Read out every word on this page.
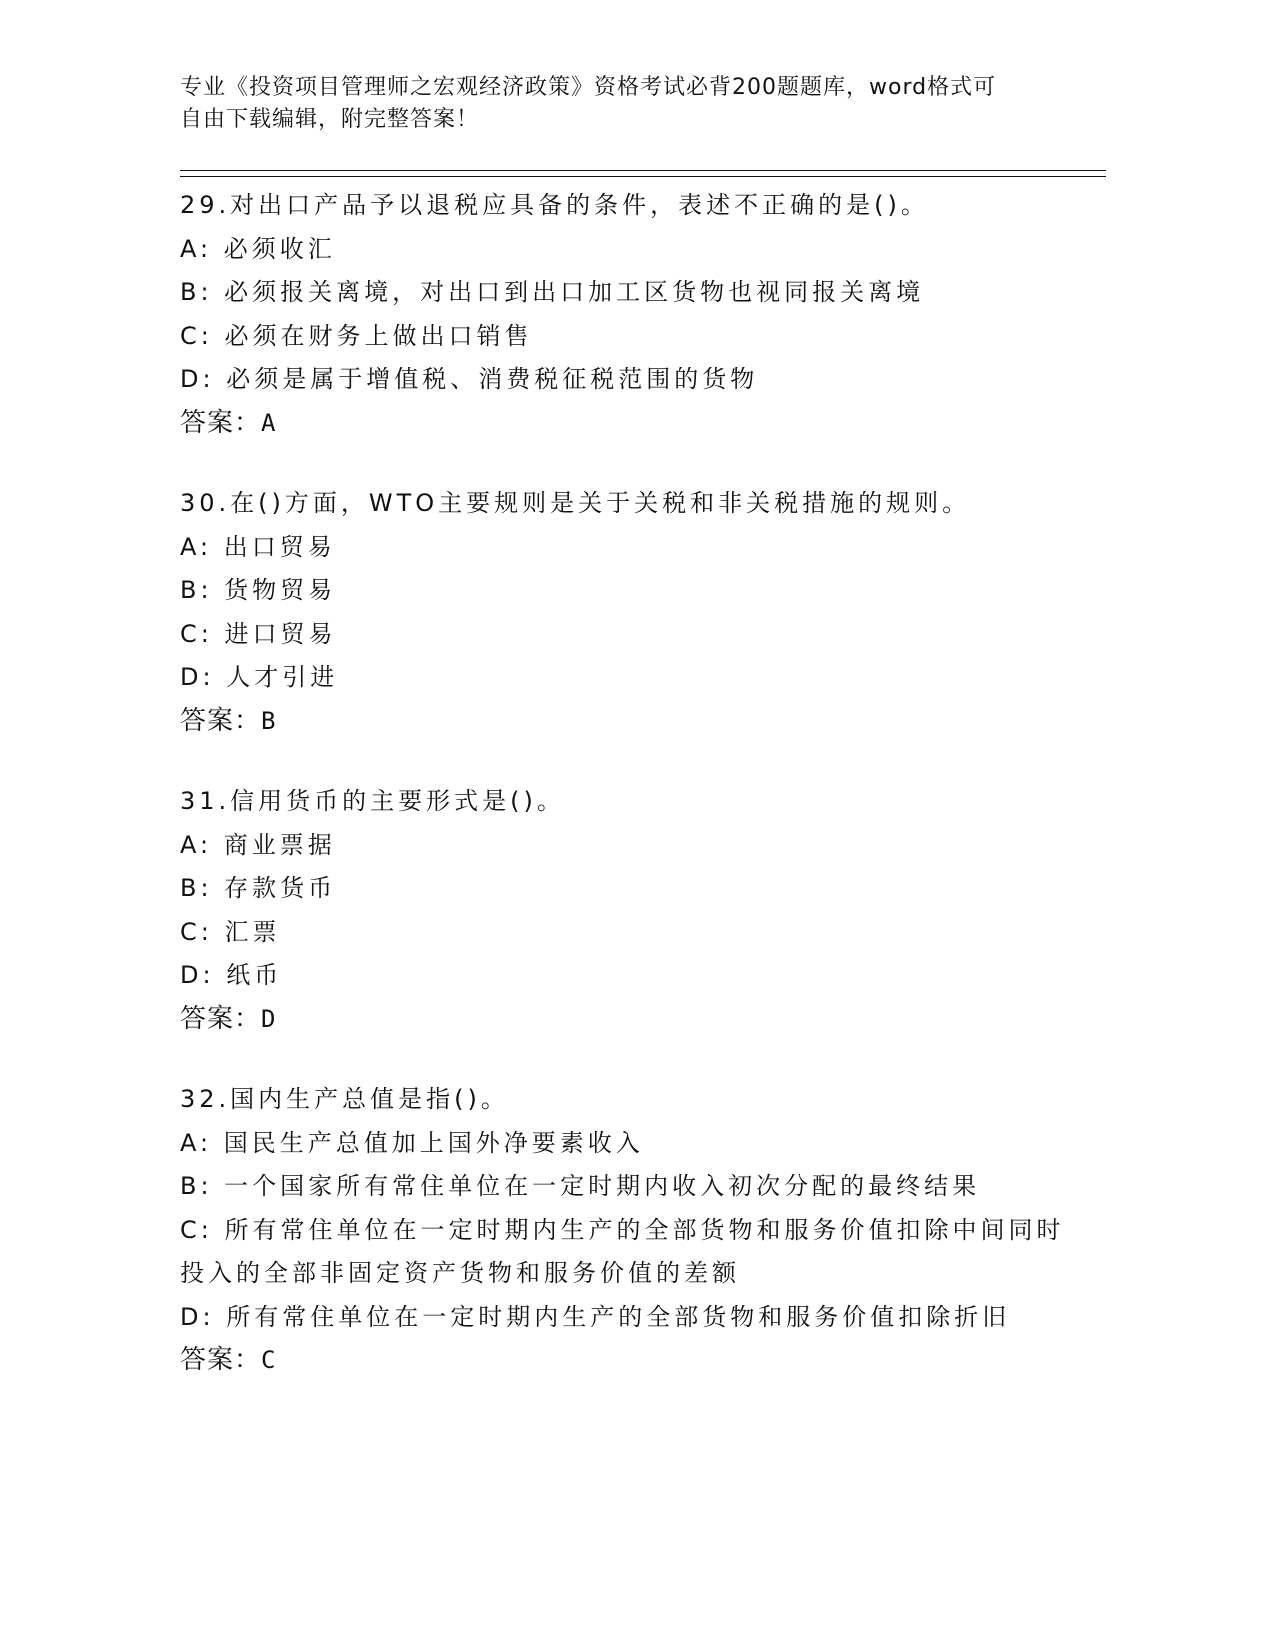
专业《投资项目管理师之宏观经济政策》资格考试必背200题题库，word格式可
自由下载编辑，附完整答案！
29.对出口产品予以退税应具备的条件，表述不正确的是()。
A: 必须收汇
B: 必须报关离境，对出口到出口加工区货物也视同报关离境
C: 必须在财务上做出口销售
D: 必须是属于增值税、消费税征税范围的货物
答案：A
30.在()方面，WTO主要规则是关于关税和非关税措施的规则。
A: 出口贸易
B: 货物贸易
C: 进口贸易
D: 人才引进
答案：B
31.信用货币的主要形式是()。
A: 商业票据
B: 存款货币
C: 汇票
D: 纸币
答案：D
32.国内生产总值是指()。
A: 国民生产总值加上国外净要素收入
B: 一个国家所有常住单位在一定时期内收入初次分配的最终结果
C: 所有常住单位在一定时期内生产的全部货物和服务价值扣除中间同时投入的全部非固定资产货物和服务价值的差额
D: 所有常住单位在一定时期内生产的全部货物和服务价值扣除折旧
答案：C
